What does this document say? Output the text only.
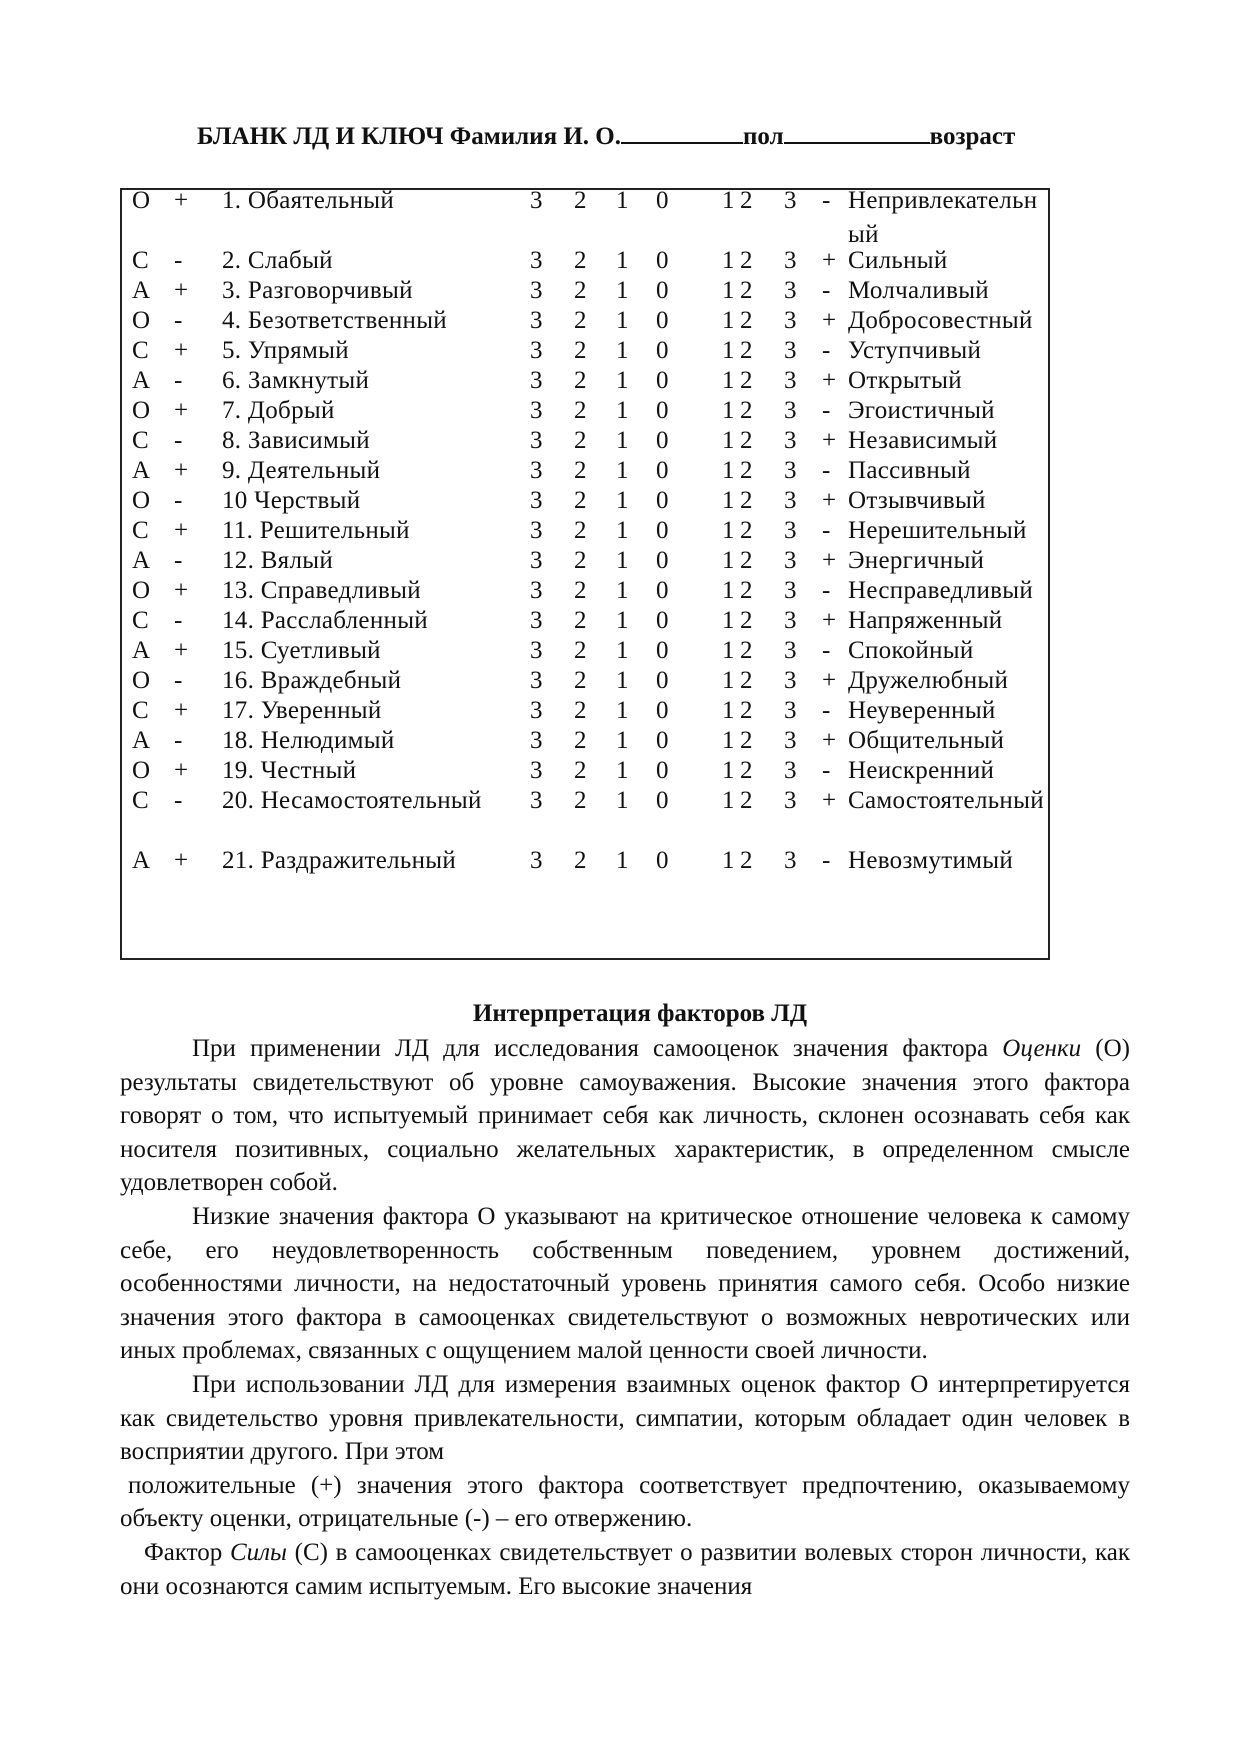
БЛАНК ЛД И КЛЮЧ Фамилия И. О.	пол	возраст
О + 1. Обаятельный	3 2 1 0 1 2 3 - Непривлекательный
С - 2. Слабый	3 2 1 0 1 2 3 + Сильный
А + 3. Разговорчивый	3 2 1 0 1 2 3 - Молчаливый
О - 4. Безответственный	3 2 1 0 1 2 3 + Добросовестный
С + 5. Упрямый	3 2 1 0 1 2 3 - Уступчивый
А - 6. Замкнутый	3 2 1 0 1 2 3 + Открытый
О + 7. Добрый	3 2 1 0 1 2 3 - Эгоистичный
С - 8. Зависимый	3 2 1 0 1 2 3 + Независимый
А + 9. Деятельный	3 2 1 0 1 2 3 - Пассивный
О - 10 Черствый	3 2 1 0 1 2 3 + Отзывчивый
С + 11. Решительный	3 2 1 0 1 2 3 - Нерешительный
А - 12. Вялый	3 2 1 0 1 2 3 + Энергичный
О + 13. Справедливый	3 2 1 0 1 2 3 - Несправедливый
С - 14. Расслабленный	3 2 1 0 1 2 3 + Напряженный
А + 15. Суетливый	3 2 1 0 1 2 3 - Спокойный
О - 16. Враждебный	3 2 1 0 1 2 3 + Дружелюбный
С + 17. Уверенный	3 2 1 0 1 2 3 - Неуверенный
А - 18. Нелюдимый	3 2 1 0 1 2 3 + Общительный
О + 19. Честный	3 2 1 0 1 2 3 - Неискренний
С - 20. Несамостоятельный	3 2 1 0 1 2 3 + Самостоятельный
А + 21. Раздражительный	3 2 1 0 1 2 3 - Невозмутимый
Интерпретация факторов ЛД

При применении ЛД для исследования самооценок значения фактора Оценки (О) результаты свидетельствуют об уровне самоуважения. Высокие значения этого фактора говорят о том, что испытуемый принимает себя как личность, склонен осознавать себя как носителя позитивных, социально желательных характеристик, в определенном смысле удовлетворен собой.

Низкие значения фактора О указывают на критическое отношение человека к самому себе, его неудовлетворенность собственным поведением, уровнем достижений, особенностями личности, на недостаточный уровень принятия самого себя. Особо низкие значения этого фактора в самооценках свидетельствуют о возможных невротических или иных проблемах, связанных с ощущением малой ценности своей личности.

При использовании ЛД для измерения взаимных оценок фактор О интерпретируется как свидетельство уровня привлекательности, симпатии, которым обладает один человек в восприятии другого. При этом

положительные (+) значения этого фактора соответствует предпочтению, оказываемому объекту оценки, отрицательные (-) – его отвержению.

Фактор Силы (С) в самооценках свидетельствует о развитии волевых сторон личности, как они осознаются самим испытуемым. Его высокие значения
